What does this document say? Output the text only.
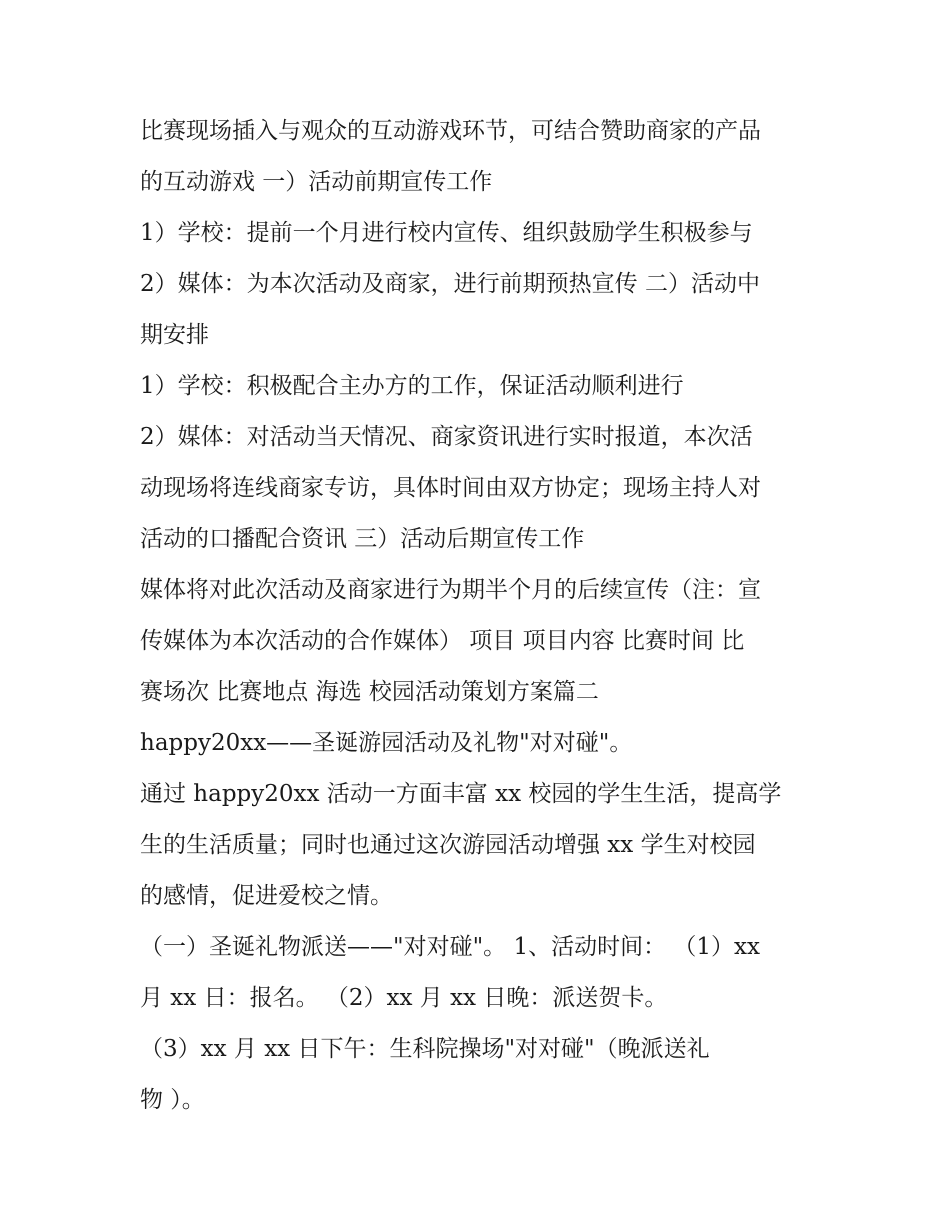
比赛现场插入与观众的互动游戏环节，可结合赞助商家的产品
的互动游戏 一）活动前期宣传工作
1）学校：提前一个月进行校内宣传、组织鼓励学生积极参与
2）媒体：为本次活动及商家，进行前期预热宣传 二）活动中
期安排
1）学校：积极配合主办方的工作，保证活动顺利进行
2）媒体：对活动当天情况、商家资讯进行实时报道，本次活
动现场将连线商家专访，具体时间由双方协定；现场主持人对
活动的口播配合资讯 三）活动后期宣传工作
媒体将对此次活动及商家进行为期半个月的后续宣传（注：宣
传媒体为本次活动的合作媒体） 项目 项目内容 比赛时间 比
赛场次 比赛地点 海选 校园活动策划方案篇二
happy20xx——圣诞游园活动及礼物"对对碰"。
通过 happy20xx 活动一方面丰富 xx 校园的学生生活，提高学
生的生活质量；同时也通过这次游园活动增强 xx 学生对校园
的感情，促进爱校之情。
（一）圣诞礼物派送——"对对碰"。 1、活动时间： （1）xx
月 xx 日：报名。 （2）xx 月 xx 日晚：派送贺卡。
（3）xx 月 xx 日下午：生科院操场"对对碰"（晚派送礼
物 ）。
